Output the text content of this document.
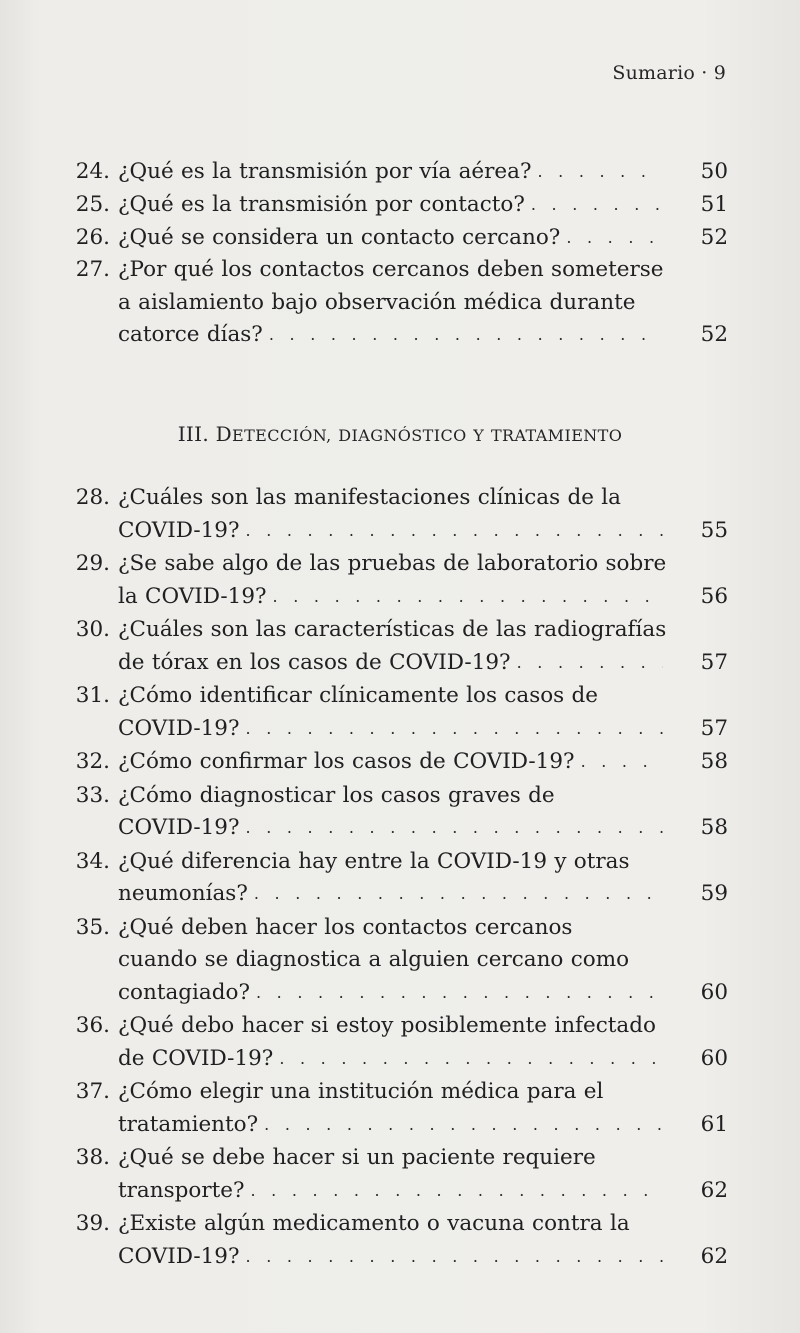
Sumario · 9
24. ¿Qué es la transmisión por vía aérea? . . .	50
25. ¿Qué es la transmisión por contacto? . . .	51
26. ¿Qué se considera un contacto cercano? . . .	52
27. ¿Por qué los contactos cercanos deben someterse
a aislamiento bajo observación médica durante
catorce días? . . .	52
III. DETECCIÓN, DIAGNÓSTICO Y TRATAMIENTO
28. ¿Cuáles son las manifestaciones clínicas de la
COVID-19? . . .	55
29. ¿Se sabe algo de las pruebas de laboratorio sobre
la COVID-19? . . .	56
30. ¿Cuáles son las características de las radiografías
de tórax en los casos de COVID-19? . . .	57
31. ¿Cómo identificar clínicamente los casos de
COVID-19? . . .	57
32. ¿Cómo confirmar los casos de COVID-19? . . .	58
33. ¿Cómo diagnosticar los casos graves de
COVID-19? . . .	58
34. ¿Qué diferencia hay entre la COVID-19 y otras
neumonías? . . .	59
35. ¿Qué deben hacer los contactos cercanos
cuando se diagnostica a alguien cercano como
contagiado? . . .	60
36. ¿Qué debo hacer si estoy posiblemente infectado
de COVID-19? . . .	60
37. ¿Cómo elegir una institución médica para el
tratamiento? . . .	61
38. ¿Qué se debe hacer si un paciente requiere
transporte? . . .	62
39. ¿Existe algún medicamento o vacuna contra la
COVID-19? . . .	62
